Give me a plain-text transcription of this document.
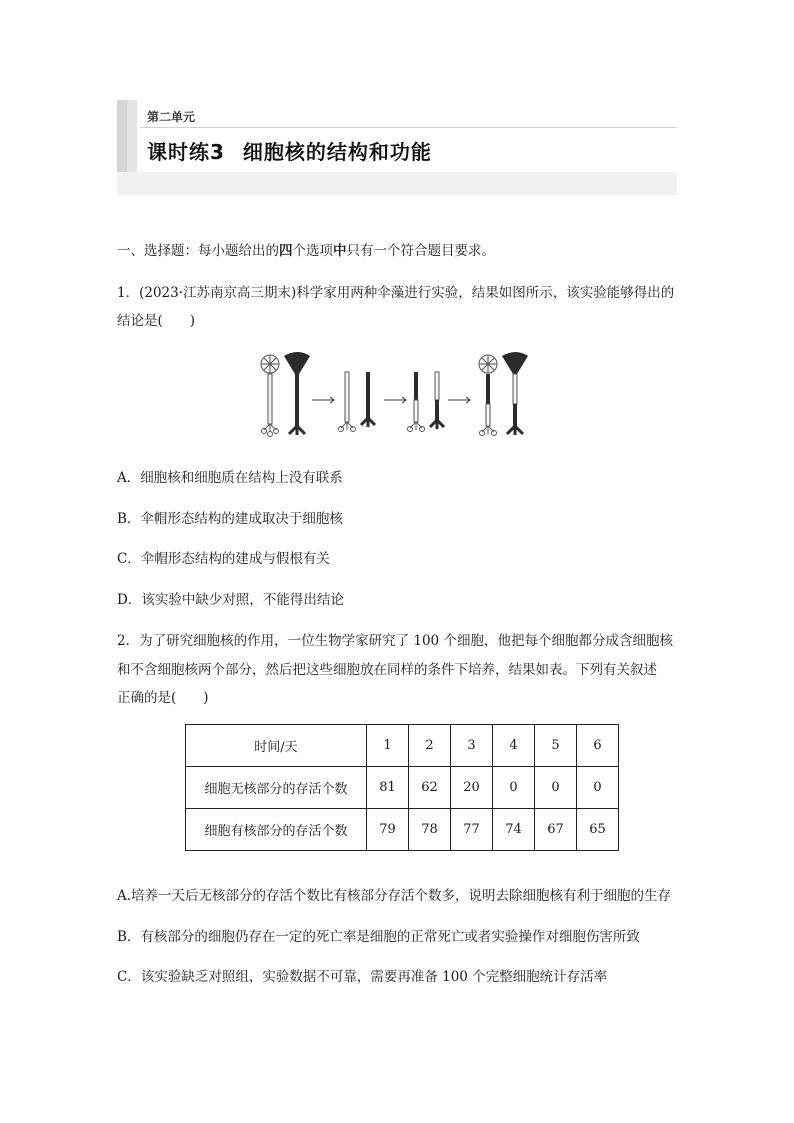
第二单元
课时练3 细胞核的结构和功能
一、选择题：每小题给出的四个选项中只有一个符合题目要求。
1．(2023·江苏南京高三期末)科学家用两种伞藻进行实验，结果如图所示，该实验能够得出的
结论是(　　)
A．细胞核和细胞质在结构上没有联系
B．伞帽形态结构的建成取决于细胞核
C．伞帽形态结构的建成与假根有关
D．该实验中缺少对照，不能得出结论
2．为了研究细胞核的作用，一位生物学家研究了 100 个细胞，他把每个细胞都分成含细胞核
和不含细胞核两个部分，然后把这些细胞放在同样的条件下培养，结果如表。下列有关叙述
正确的是(　　)
时间/天	1	2	3	4	5	6
细胞无核部分的存活个数	81	62	20	0	0	0
细胞有核部分的存活个数	79	78	77	74	67	65
A.培养一天后无核部分的存活个数比有核部分存活个数多，说明去除细胞核有利于细胞的生存
B．有核部分的细胞仍存在一定的死亡率是细胞的正常死亡或者实验操作对细胞伤害所致
C．该实验缺乏对照组，实验数据不可靠，需要再准备 100 个完整细胞统计存活率
